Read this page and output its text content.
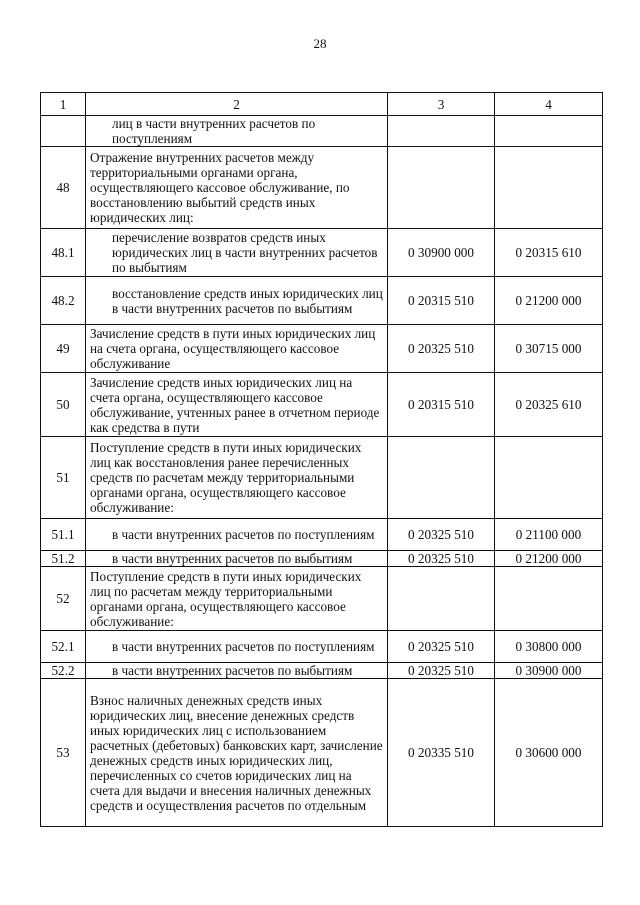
28
1	2	3	4
	лиц в части внутренних расчетов по поступлениям		
48	Отражение внутренних расчетов между территориальными органами органа, осуществляющего кассовое обслуживание, по восстановлению выбытий средств иных юридических лиц:		
48.1	перечисление возвратов средств иных юридических лиц в части внутренних расчетов по выбытиям	0 30900 000	0 20315 610
48.2	восстановление средств иных юридических лиц в части внутренних расчетов по выбытиям	0 20315 510	0 21200 000
49	Зачисление средств в пути иных юридических лиц на счета органа, осуществляющего кассовое обслуживание	0 20325 510	0 30715 000
50	Зачисление средств иных юридических лиц на счета органа, осуществляющего кассовое обслуживание, учтенных ранее в отчетном периоде как средства в пути	0 20315 510	0 20325 610
51	Поступление средств в пути иных юридических лиц как восстановления ранее перечисленных средств по расчетам между территориальными органами органа, осуществляющего кассовое обслуживание:		
51.1	в части внутренних расчетов по поступлениям	0 20325 510	0 21100 000
51.2	в части внутренних расчетов по выбытиям	0 20325 510	0 21200 000
52	Поступление средств в пути иных юридических лиц по расчетам между территориальными органами органа, осуществляющего кассовое обслуживание:		
52.1	в части внутренних расчетов по поступлениям	0 20325 510	0 30800 000
52.2	в части внутренних расчетов по выбытиям	0 20325 510	0 30900 000
53	Взнос наличных денежных средств иных юридических лиц, внесение денежных средств иных юридических лиц с использованием расчетных (дебетовых) банковских карт, зачисление денежных средств иных юридических лиц, перечисленных со счетов юридических лиц на счета для выдачи и внесения наличных денежных средств и осуществления расчетов по отдельным	0 20335 510	0 30600 000
